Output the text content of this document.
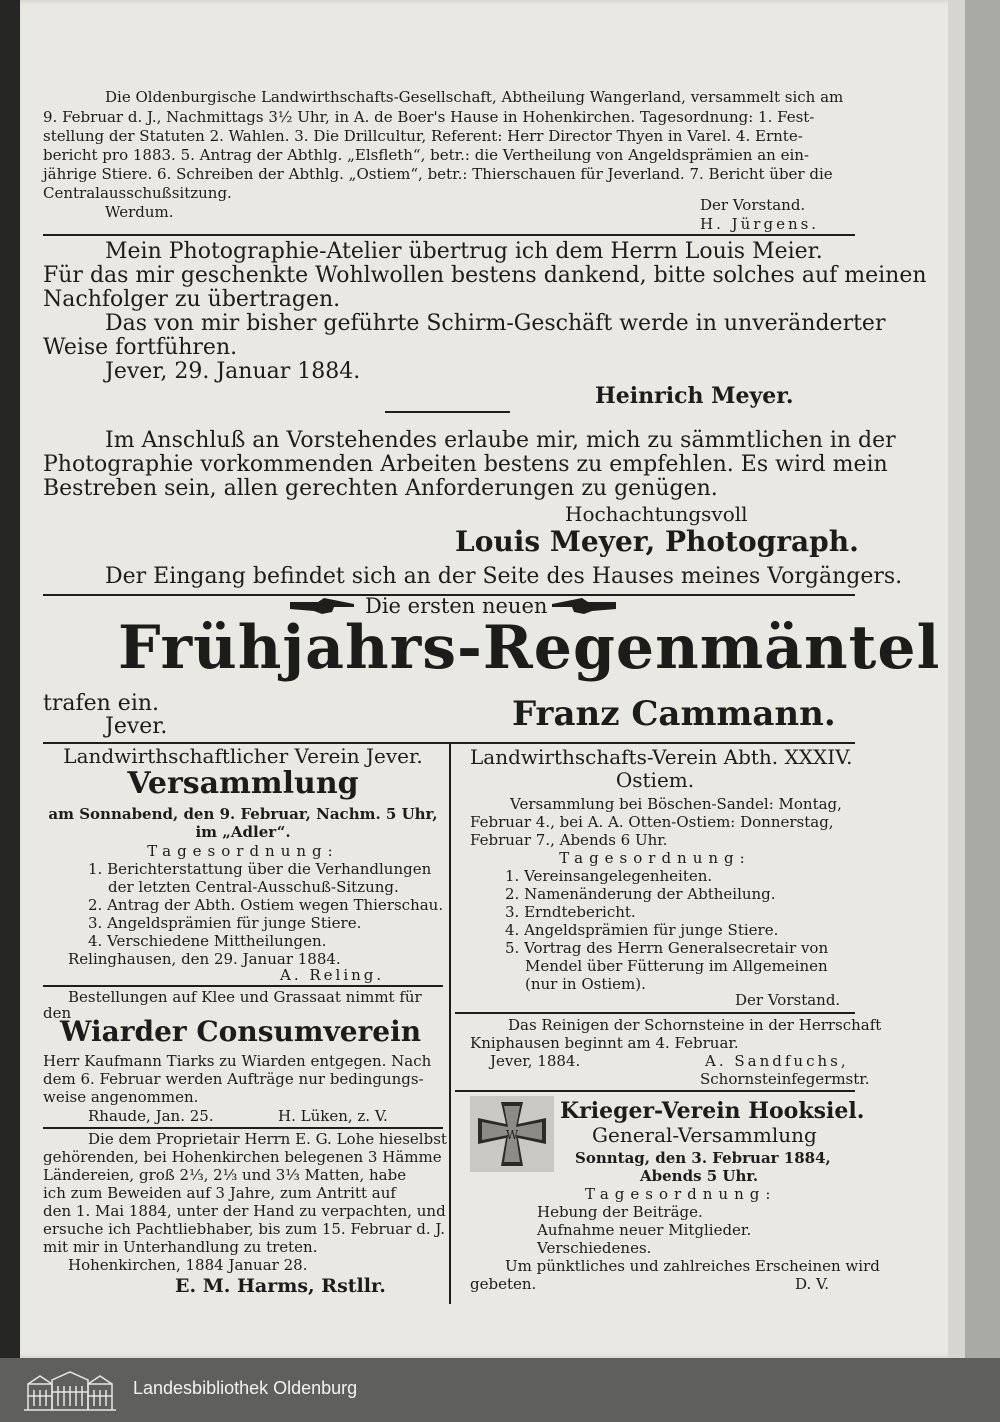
Die Oldenburgische Landwirthschafts-Gesellschaft, Abtheilung Wangerland, versammelt sich am
9. Februar d. J., Nachmittags 3½ Uhr, in A. de Boer's Hause in Hohenkirchen. Tagesordnung: 1. Fest-
stellung der Statuten 2. Wahlen. 3. Die Drillcultur, Referent: Herr Director Thyen in Varel. 4. Ernte-
bericht pro 1883. 5. Antrag der Abthlg. „Elsfleth“, betr.: die Vertheilung von Angeldsprämien an ein-
jährige Stiere. 6. Schreiben der Abthlg. „Ostiem“, betr.: Thierschauen für Jeverland. 7. Bericht über die
Centralausschußsitzung.
Werdum.	Der Vorstand.
H. Jürgens.
Mein Photographie-Atelier übertrug ich dem Herrn Louis Meier.
Für das mir geschenkte Wohlwollen bestens dankend, bitte solches auf meinen
Nachfolger zu übertragen.
Das von mir bisher geführte Schirm-Geschäft werde in unveränderter
Weise fortführen.
Jever, 29. Januar 1884.
Heinrich Meyer.
Im Anschluß an Vorstehendes erlaube mir, mich zu sämmtlichen in der
Photographie vorkommenden Arbeiten bestens zu empfehlen. Es wird mein
Bestreben sein, allen gerechten Anforderungen zu genügen.
Hochachtungsvoll
Louis Meyer, Photograph.
Der Eingang befindet sich an der Seite des Hauses meines Vorgängers.
Die ersten neuen
Frühjahrs-Regenmäntel
trafen ein.
Jever.	Franz Cammann.
Landwirthschaftlicher Verein Jever.
Versammlung
am Sonnabend, den 9. Februar, Nachm. 5 Uhr,
im „Adler“.
Tagesordnung:
1. Berichterstattung über die Verhandlungen
der letzten Central-Ausschuß-Sitzung.
2. Antrag der Abth. Ostiem wegen Thierschau.
3. Angeldsprämien für junge Stiere.
4. Verschiedene Mittheilungen.
Relinghausen, den 29. Januar 1884.
A. Reling.
Bestellungen auf Klee und Grassaat nimmt für
den
Wiarder Consumverein
Herr Kaufmann Tiarks zu Wiarden entgegen. Nach
dem 6. Februar werden Aufträge nur bedingungs-
weise angenommen.
Rhaude, Jan. 25.	H. Lüken, z. V.
Die dem Proprietair Herrn E. G. Lohe hieselbst
gehörenden, bei Hohenkirchen belegenen 3 Hämme
Ländereien, groß 2⅓, 2⅓ und 3⅓ Matten, habe
ich zum Beweiden auf 3 Jahre, zum Antritt auf
den 1. Mai 1884, unter der Hand zu verpachten, und
ersuche ich Pachtliebhaber, bis zum 15. Februar d. J.
mit mir in Unterhandlung zu treten.
Hohenkirchen, 1884 Januar 28.
E. M. Harms, Rstllr.
Landwirthschafts-Verein Abth. XXXIV.
Ostiem.
Versammlung bei Böschen-Sandel: Montag,
Februar 4., bei A. A. Otten-Ostiem: Donnerstag,
Februar 7., Abends 6 Uhr.
Tagesordnung:
1. Vereinsangelegenheiten.
2. Namenänderung der Abtheilung.
3. Erndtebericht.
4. Angeldsprämien für junge Stiere.
5. Vortrag des Herrn Generalsecretair von
Mendel über Fütterung im Allgemeinen
(nur in Ostiem).
Der Vorstand.
Das Reinigen der Schornsteine in der Herrschaft
Kniphausen beginnt am 4. Februar.
Jever, 1884.	A. Sandfuchs,
Schornsteinfegermstr.
W
Krieger-Verein Hooksiel.
General-Versammlung
Sonntag, den 3. Februar 1884,
Abends 5 Uhr.
Tagesordnung:
Hebung der Beiträge.
Aufnahme neuer Mitglieder.
Verschiedenes.
Um pünktliches und zahlreiches Erscheinen wird
gebeten.	D. V.
Landesbibliothek Oldenburg
